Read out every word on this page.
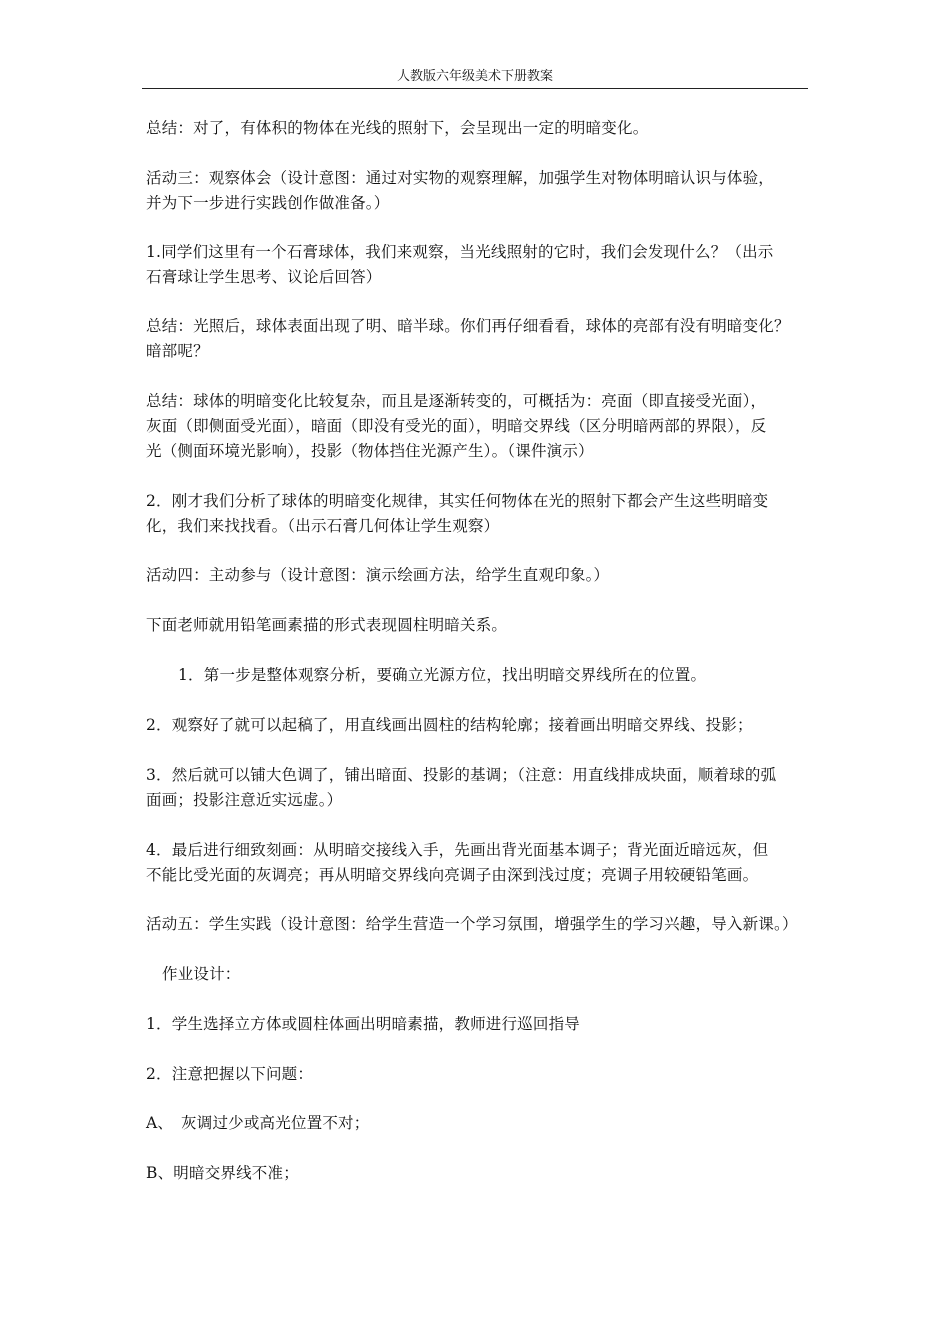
人教版六年级美术下册教案
总结：对了，有体积的物体在光线的照射下，会呈现出一定的明暗变化。
活动三：观察体会（设计意图：通过对实物的观察理解，加强学生对物体明暗认识与体验，
并为下一步进行实践创作做准备。）
1.同学们这里有一个石膏球体，我们来观察，当光线照射的它时，我们会发现什么？（出示
石膏球让学生思考、议论后回答）
总结：光照后，球体表面出现了明、暗半球。你们再仔细看看，球体的亮部有没有明暗变化？
暗部呢？
总结：球体的明暗变化比较复杂，而且是逐渐转变的，可概括为：亮面（即直接受光面），
灰面（即侧面受光面），暗面（即没有受光的面），明暗交界线（区分明暗两部的界限），反
光（侧面环境光影响），投影（物体挡住光源产生）。（课件演示）
2．刚才我们分析了球体的明暗变化规律，其实任何物体在光的照射下都会产生这些明暗变
化，我们来找找看。（出示石膏几何体让学生观察）
活动四：主动参与（设计意图：演示绘画方法，给学生直观印象。）
下面老师就用铅笔画素描的形式表现圆柱明暗关系。
1．第一步是整体观察分析，要确立光源方位，找出明暗交界线所在的位置。
2．观察好了就可以起稿了，用直线画出圆柱的结构轮廓；接着画出明暗交界线、投影；
3．然后就可以铺大色调了，铺出暗面、投影的基调；（注意：用直线排成块面，顺着球的弧
面画；投影注意近实远虚。）
4．最后进行细致刻画：从明暗交接线入手，先画出背光面基本调子；背光面近暗远灰，但
不能比受光面的灰调亮；再从明暗交界线向亮调子由深到浅过度；亮调子用较硬铅笔画。
活动五：学生实践（设计意图：给学生营造一个学习氛围，增强学生的学习兴趣，导入新课。）
作业设计：
1．学生选择立方体或圆柱体画出明暗素描，教师进行巡回指导
2．注意把握以下问题：
A、　灰调过少或高光位置不对；
B、明暗交界线不准；
